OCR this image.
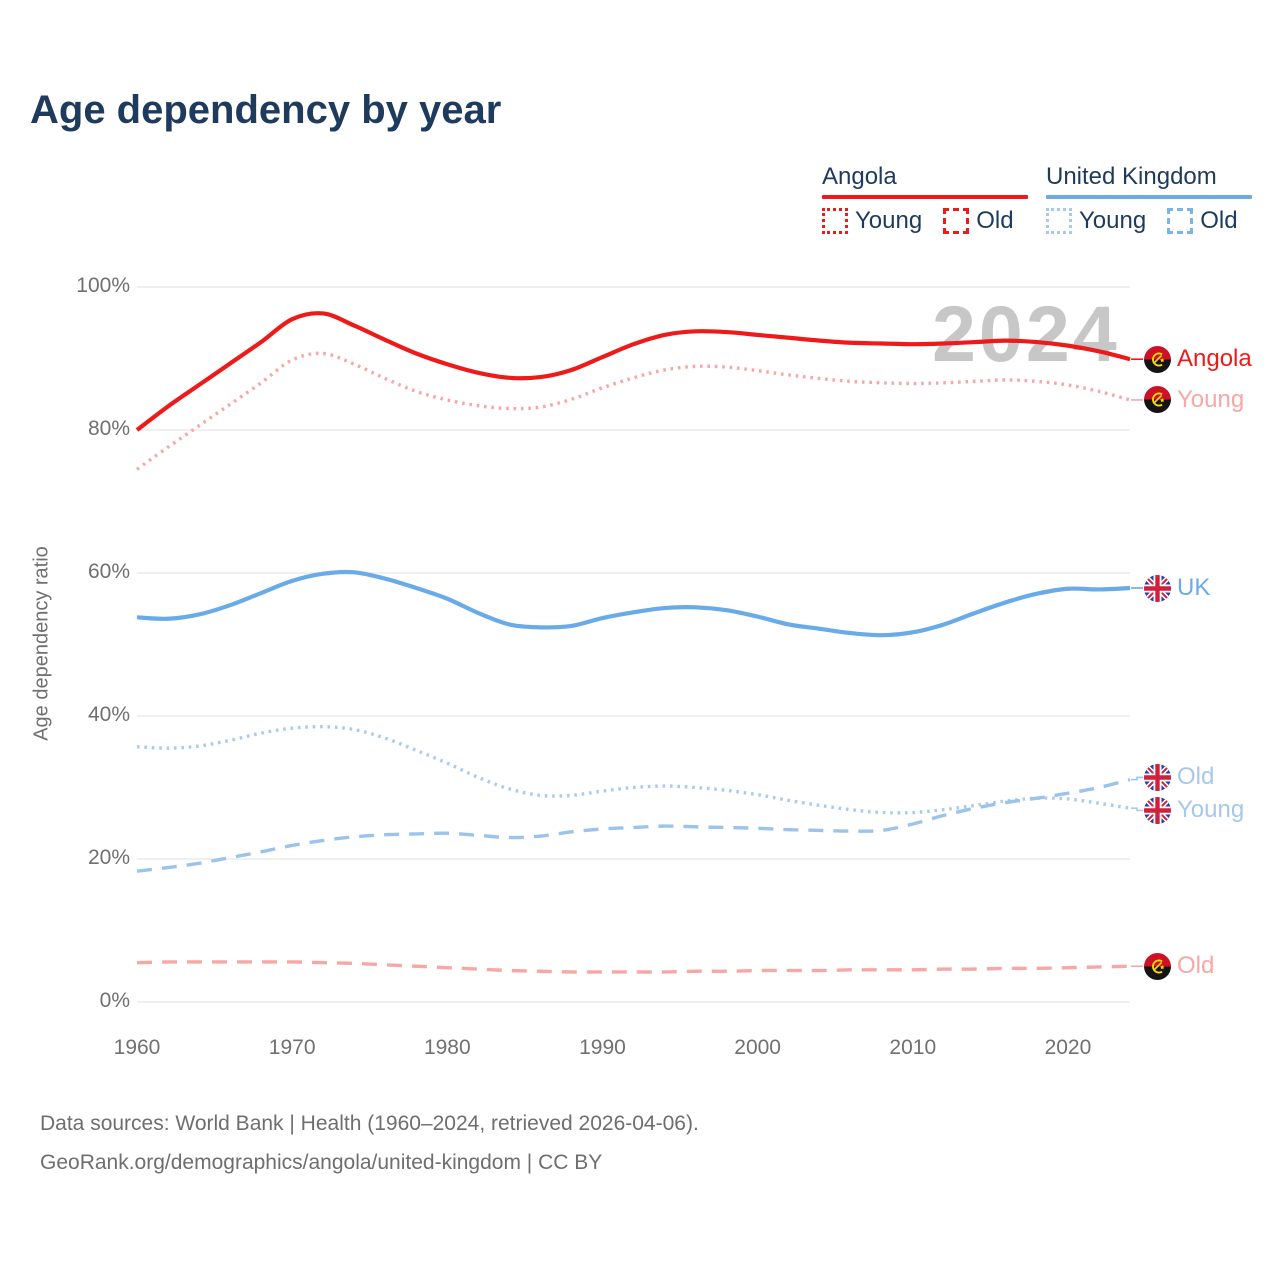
Age dependency by year
Angola
Young Old
United Kingdom
Young Old
2024
Age dependency ratio
0%
20%
40%
60%
80%
100%
1960	1970	1980	1990	2000	2010	2020
Angola
Young
UK
Old
Young
Old
Data sources: World Bank | Health (1960–2024, retrieved 2026-04-06).
GeoRank.org/demographics/angola/united-kingdom | CC BY
